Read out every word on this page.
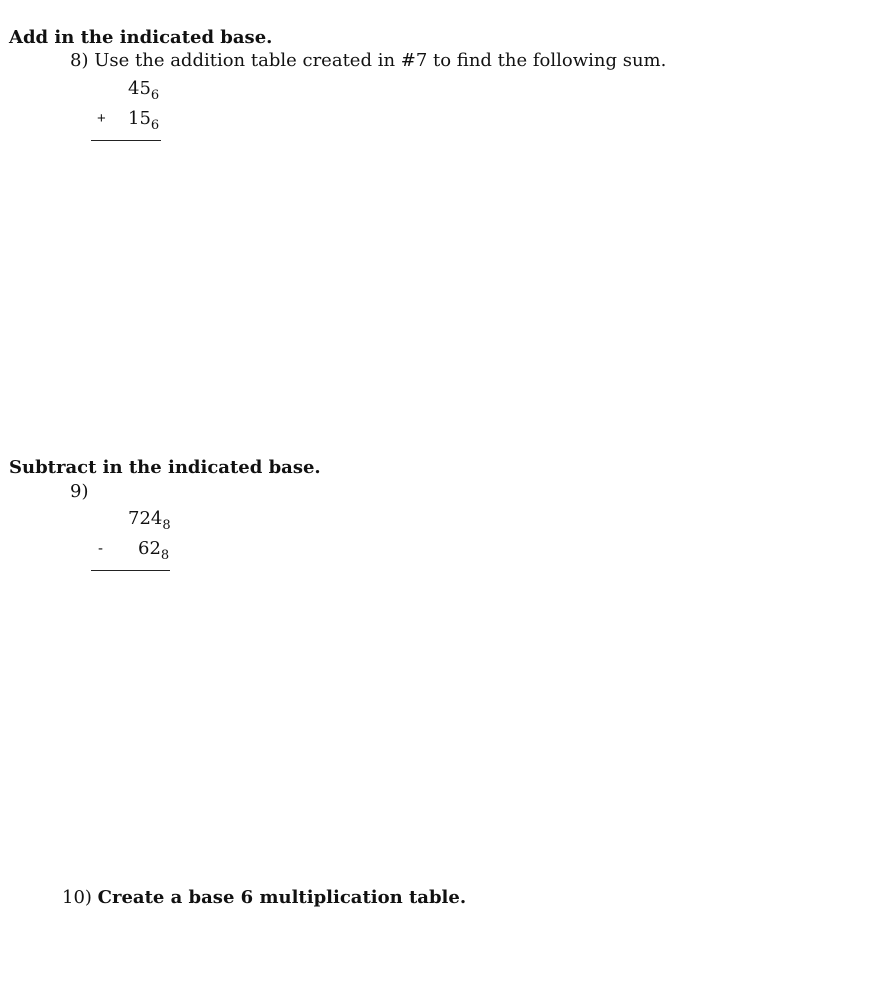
Add in the indicated base.
8) Use the addition table created in #7 to find the following sum.
$45_6$
+ $15_6$
Subtract in the indicated base.
9)
$724_8$
- $62_8$
10) Create a base 6 multiplication table.
